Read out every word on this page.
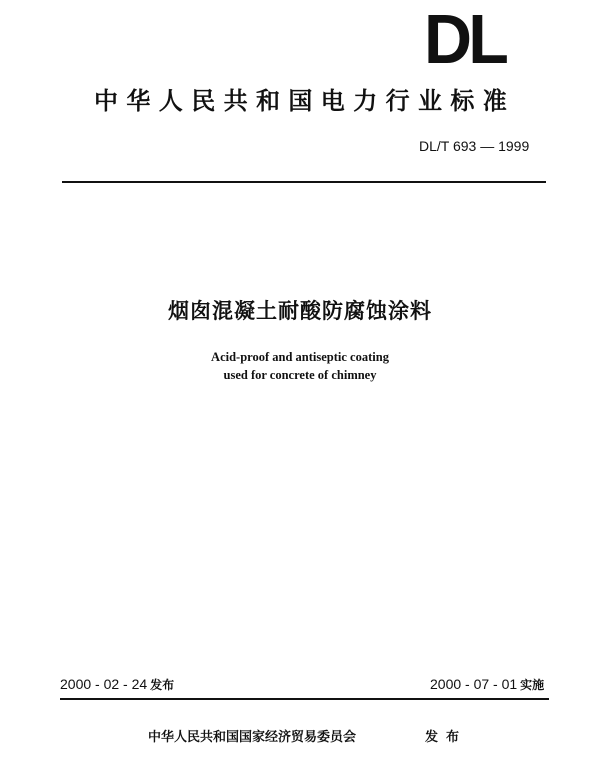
DL
中华人民共和国电力行业标准
DL/T 693 — 1999
烟囱混凝土耐酸防腐蚀涂料
Acid-proof and antiseptic coating
used for concrete of chimney
2000 - 02 - 24 发布	2000 - 07 - 01 实施
中华人民共和国国家经济贸易委员会	发布
